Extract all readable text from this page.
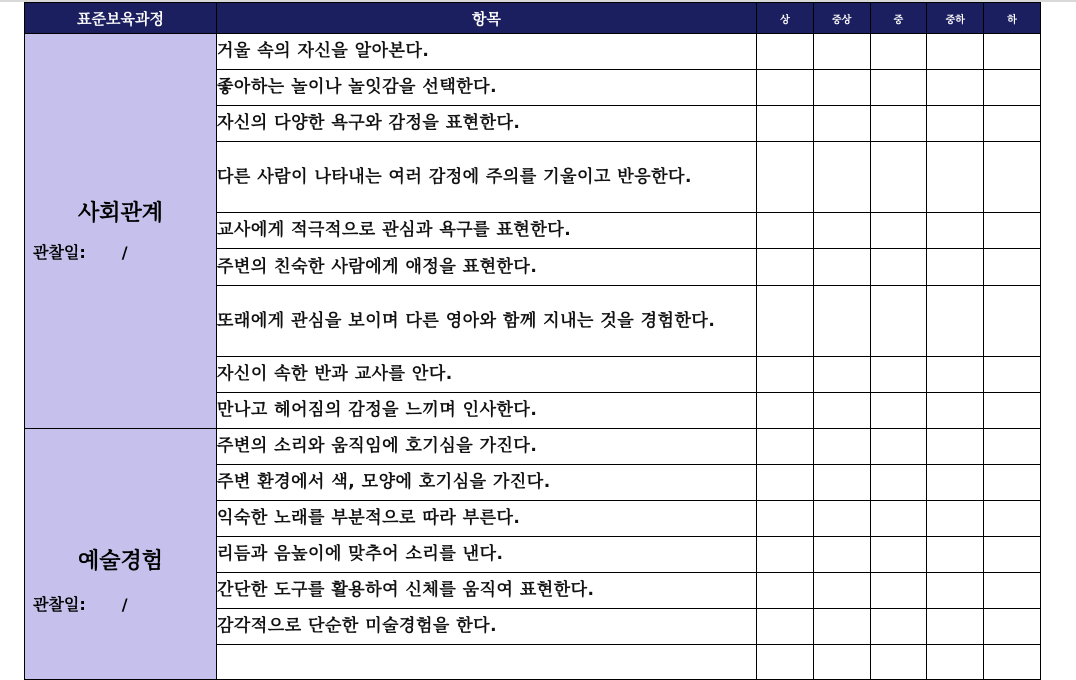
표준보육과정	항목	상	중상	중	중하	하

사회관계
관찰일: /	거울 속의 자신을 알아본다.					
	좋아하는 놀이나 놀잇감을 선택한다.					
	자신의 다양한 욕구와 감정을 표현한다.					
	다른 사람이 나타내는 여러 감정에 주의를 기울이고 반응한다.					
	교사에게 적극적으로 관심과 욕구를 표현한다.					
	주변의 친숙한 사람에게 애정을 표현한다.					
	또래에게 관심을 보이며 다른 영아와 함께 지내는 것을 경험한다.					
	자신이 속한 반과 교사를 안다.					
	만나고 헤어짐의 감정을 느끼며 인사한다.					

예술경험
관찰일: /	주변의 소리와 움직임에 호기심을 가진다.					
	주변 환경에서 색, 모양에 호기심을 가진다.					
	익숙한 노래를 부분적으로 따라 부른다.					
	리듬과 음높이에 맞추어 소리를 낸다.					
	간단한 도구를 활용하여 신체를 움직여 표현한다.					
	감각적으로 단순한 미술경험을 한다.					
